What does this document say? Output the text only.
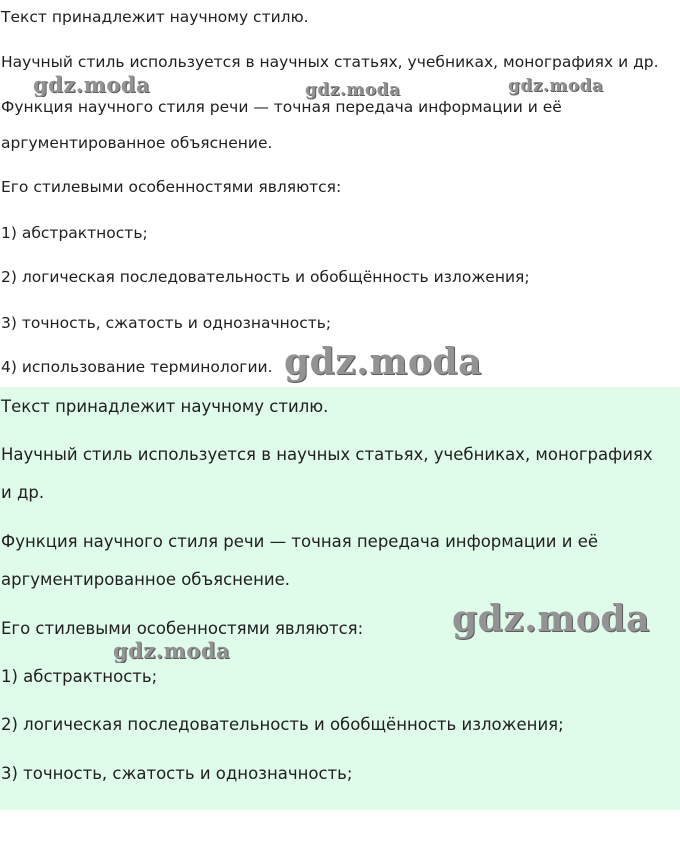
Текст принадлежит научному стилю.
Научный стиль используется в научных статьях, учебниках, монографиях и др.
Функция научного стиля речи — точная передача информации и её
аргументированное объяснение.
Его стилевыми особенностями являются:
1) абстрактность;
2) логическая последовательность и обобщённость изложения;
3) точность, сжатость и однозначность;
4) использование терминологии.
Текст принадлежит научному стилю.
Научный стиль используется в научных статьях, учебниках, монографиях
и др.
Функция научного стиля речи — точная передача информации и её
аргументированное объяснение.
Его стилевыми особенностями являются:
1) абстрактность;
2) логическая последовательность и обобщённость изложения;
3) точность, сжатость и однозначность;
gdz.moda	gdz.moda	gdz.moda
gdz.moda
gdz.moda
gdz.moda
